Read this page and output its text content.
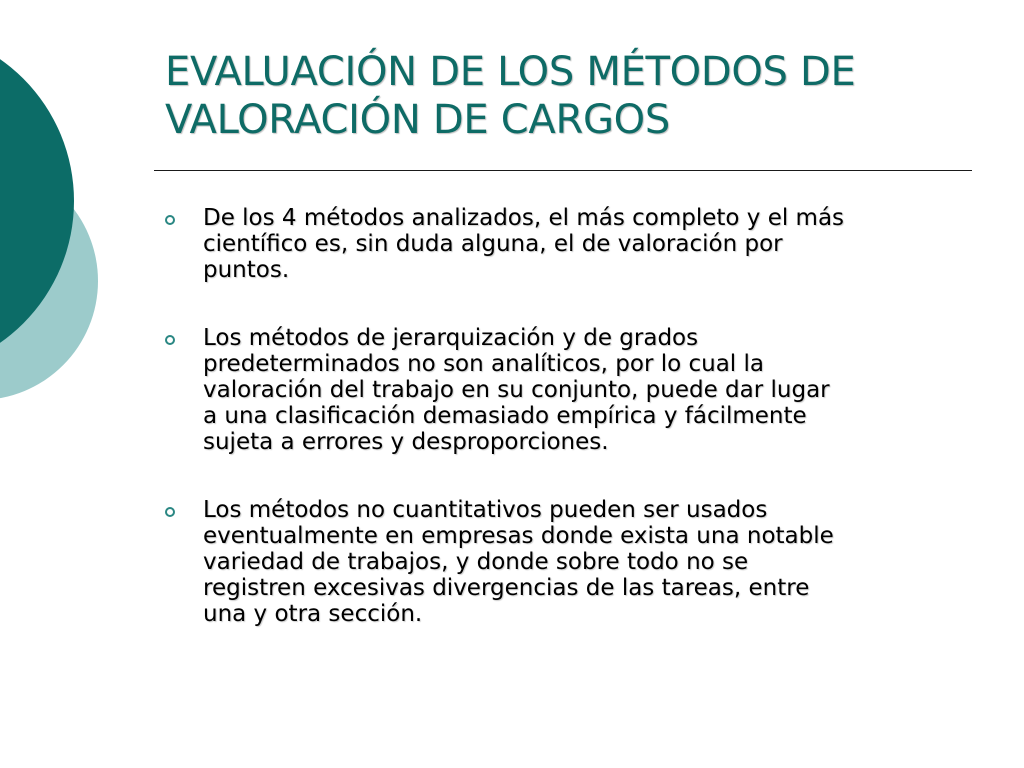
EVALUACIÓN DE LOS MÉTODOS DE
VALORACIÓN DE CARGOS
De los 4 métodos analizados, el más completo y el más
científico es, sin duda alguna, el de valoración por
puntos.
Los métodos de jerarquización y de grados
predeterminados no son analíticos, por lo cual la
valoración del trabajo en su conjunto, puede dar lugar
a una clasificación demasiado empírica y fácilmente
sujeta a errores y desproporciones.
Los métodos no cuantitativos pueden ser usados
eventualmente en empresas donde exista una notable
variedad de trabajos, y donde sobre todo no se
registren excesivas divergencias de las tareas, entre
una y otra sección.
